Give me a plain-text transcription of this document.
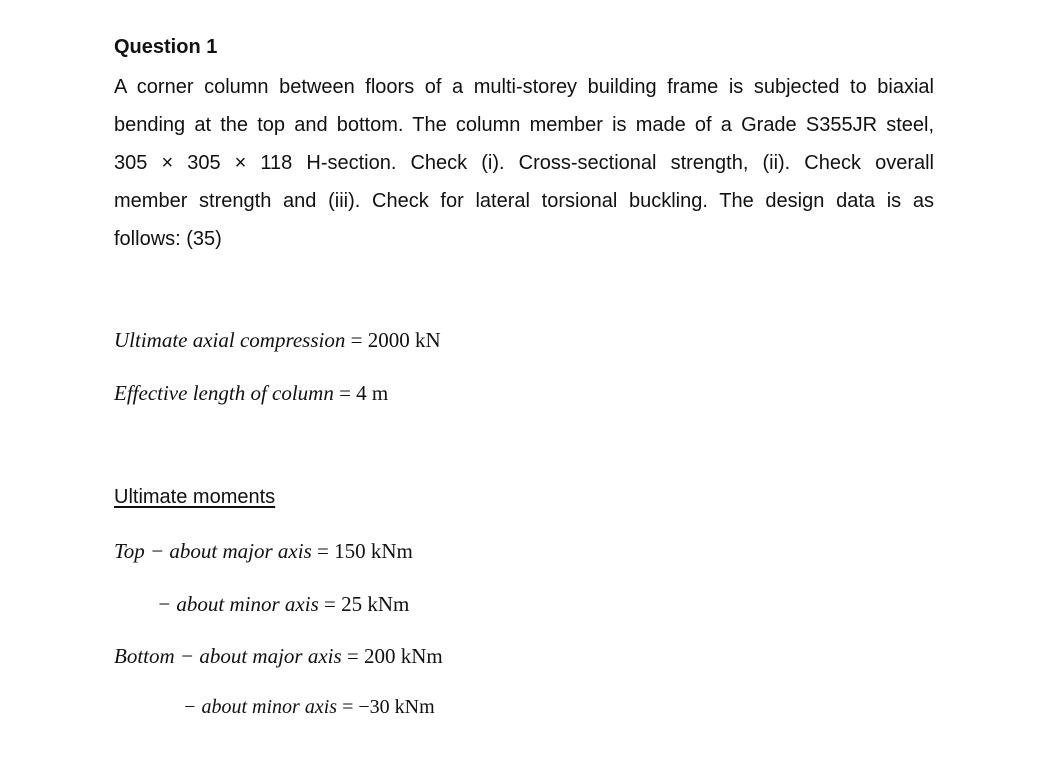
Question 1

A corner column between floors of a multi-storey building frame is subjected to biaxial
bending at the top and bottom. The column member is made of a Grade S355JR steel,
305 × 305 × 118 H-section. Check (i). Cross-sectional strength, (ii). Check overall
member strength and (iii). Check for lateral torsional buckling. The design data is as
follows: (35)

Ultimate axial compression = 2000 kN

Effective length of column = 4 m

Ultimate moments

Top − about major axis = 150 kNm

− about minor axis = 25 kNm

Bottom − about major axis = 200 kNm

− about minor axis = −30 kNm
